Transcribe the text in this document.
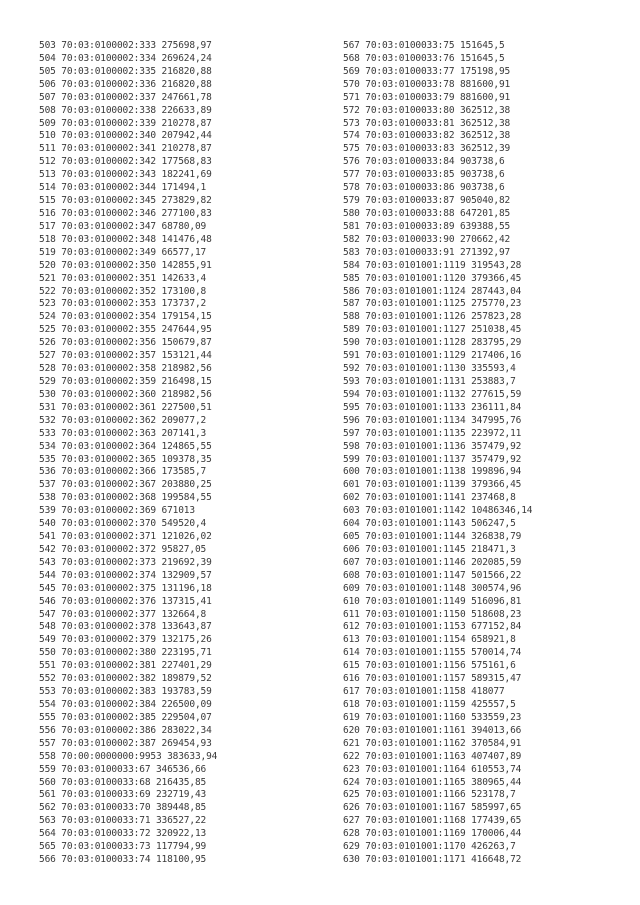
503 70:03:0100002:333 275698,97
504 70:03:0100002:334 269624,24
505 70:03:0100002:335 216820,88
506 70:03:0100002:336 216820,88
507 70:03:0100002:337 247661,78
508 70:03:0100002:338 226633,89
509 70:03:0100002:339 210278,87
510 70:03:0100002:340 207942,44
511 70:03:0100002:341 210278,87
512 70:03:0100002:342 177568,83
513 70:03:0100002:343 182241,69
514 70:03:0100002:344 171494,1
515 70:03:0100002:345 273829,82
516 70:03:0100002:346 277100,83
517 70:03:0100002:347 68780,09
518 70:03:0100002:348 141476,48
519 70:03:0100002:349 66577,17
520 70:03:0100002:350 142855,91
521 70:03:0100002:351 142633,4
522 70:03:0100002:352 173100,8
523 70:03:0100002:353 173737,2
524 70:03:0100002:354 179154,15
525 70:03:0100002:355 247644,95
526 70:03:0100002:356 150679,87
527 70:03:0100002:357 153121,44
528 70:03:0100002:358 218982,56
529 70:03:0100002:359 216498,15
530 70:03:0100002:360 218982,56
531 70:03:0100002:361 227500,51
532 70:03:0100002:362 209077,2
533 70:03:0100002:363 207141,3
534 70:03:0100002:364 124865,55
535 70:03:0100002:365 109378,35
536 70:03:0100002:366 173585,7
537 70:03:0100002:367 203880,25
538 70:03:0100002:368 199584,55
539 70:03:0100002:369 671013
540 70:03:0100002:370 549520,4
541 70:03:0100002:371 121026,02
542 70:03:0100002:372 95827,05
543 70:03:0100002:373 219692,39
544 70:03:0100002:374 132909,57
545 70:03:0100002:375 131196,18
546 70:03:0100002:376 137315,41
547 70:03:0100002:377 132664,8
548 70:03:0100002:378 133643,87
549 70:03:0100002:379 132175,26
550 70:03:0100002:380 223195,71
551 70:03:0100002:381 227401,29
552 70:03:0100002:382 189879,52
553 70:03:0100002:383 193783,59
554 70:03:0100002:384 226500,09
555 70:03:0100002:385 229504,07
556 70:03:0100002:386 283022,34
557 70:03:0100002:387 269454,93
558 70:00:0000000:9953 383633,94
559 70:03:0100033:67 346536,66
560 70:03:0100033:68 216435,85
561 70:03:0100033:69 232719,43
562 70:03:0100033:70 389448,85
563 70:03:0100033:71 336527,22
564 70:03:0100033:72 320922,13
565 70:03:0100033:73 117794,99
566 70:03:0100033:74 118100,95
567 70:03:0100033:75 151645,5
568 70:03:0100033:76 151645,5
569 70:03:0100033:77 175198,95
570 70:03:0100033:78 881600,91
571 70:03:0100033:79 881600,91
572 70:03:0100033:80 362512,38
573 70:03:0100033:81 362512,38
574 70:03:0100033:82 362512,38
575 70:03:0100033:83 362512,39
576 70:03:0100033:84 903738,6
577 70:03:0100033:85 903738,6
578 70:03:0100033:86 903738,6
579 70:03:0100033:87 905040,82
580 70:03:0100033:88 647201,85
581 70:03:0100033:89 639388,55
582 70:03:0100033:90 270662,42
583 70:03:0100033:91 271392,97
584 70:03:0101001:1119 319543,28
585 70:03:0101001:1120 379366,45
586 70:03:0101001:1124 287443,04
587 70:03:0101001:1125 275770,23
588 70:03:0101001:1126 257823,28
589 70:03:0101001:1127 251038,45
590 70:03:0101001:1128 283795,29
591 70:03:0101001:1129 217406,16
592 70:03:0101001:1130 335593,4
593 70:03:0101001:1131 253883,7
594 70:03:0101001:1132 277615,59
595 70:03:0101001:1133 236111,84
596 70:03:0101001:1134 347995,76
597 70:03:0101001:1135 223972,11
598 70:03:0101001:1136 357479,92
599 70:03:0101001:1137 357479,92
600 70:03:0101001:1138 199896,94
601 70:03:0101001:1139 379366,45
602 70:03:0101001:1141 237468,8
603 70:03:0101001:1142 10486346,14
604 70:03:0101001:1143 506247,5
605 70:03:0101001:1144 326838,79
606 70:03:0101001:1145 218471,3
607 70:03:0101001:1146 202085,59
608 70:03:0101001:1147 501566,22
609 70:03:0101001:1148 300574,96
610 70:03:0101001:1149 516096,81
611 70:03:0101001:1150 518608,23
612 70:03:0101001:1153 677152,84
613 70:03:0101001:1154 658921,8
614 70:03:0101001:1155 570014,74
615 70:03:0101001:1156 575161,6
616 70:03:0101001:1157 589315,47
617 70:03:0101001:1158 418077
618 70:03:0101001:1159 425557,5
619 70:03:0101001:1160 533559,23
620 70:03:0101001:1161 394013,66
621 70:03:0101001:1162 370584,91
622 70:03:0101001:1163 407407,89
623 70:03:0101001:1164 610553,74
624 70:03:0101001:1165 380965,44
625 70:03:0101001:1166 523178,7
626 70:03:0101001:1167 585997,65
627 70:03:0101001:1168 177439,65
628 70:03:0101001:1169 170006,44
629 70:03:0101001:1170 426263,7
630 70:03:0101001:1171 416648,72
